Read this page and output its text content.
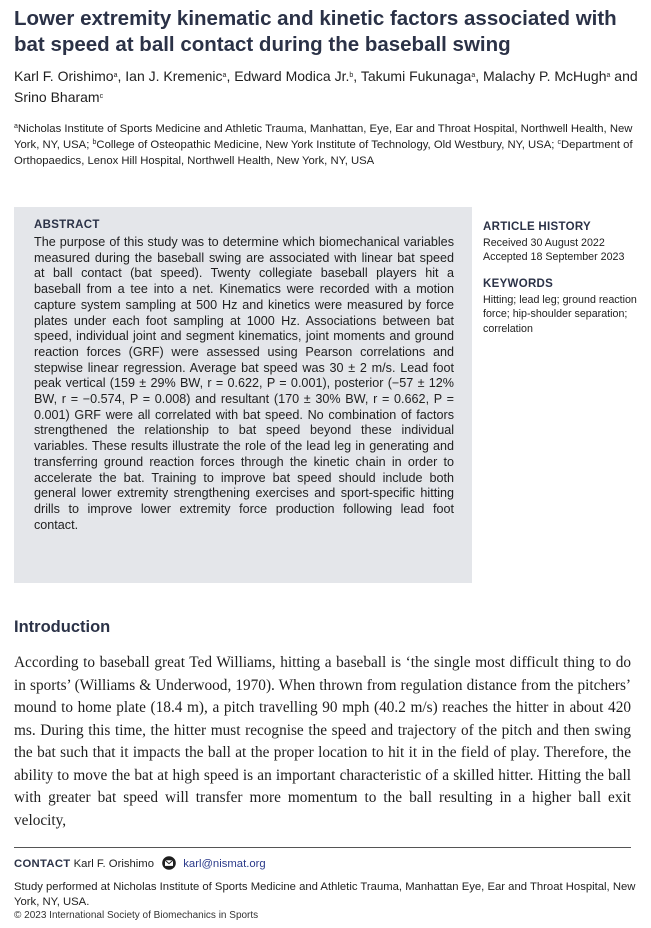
Lower extremity kinematic and kinetic factors associated with bat speed at ball contact during the baseball swing
Karl F. Orishimo$^a$, Ian J. Kremenic$^a$, Edward Modica Jr.$^b$, Takumi Fukunaga$^a$, Malachy P. McHugh$^a$ and Srino Bharam$^c$
$^a$Nicholas Institute of Sports Medicine and Athletic Trauma, Manhattan, Eye, Ear and Throat Hospital, Northwell Health, New York, NY, USA; $^b$College of Osteopathic Medicine, New York Institute of Technology, Old Westbury, NY, USA; $^c$Department of Orthopaedics, Lenox Hill Hospital, Northwell Health, New York, NY, USA
ABSTRACT
The purpose of this study was to determine which biomechanical variables measured during the baseball swing are associated with linear bat speed at ball contact (bat speed). Twenty collegiate baseball players hit a baseball from a tee into a net. Kinematics were recorded with a motion capture system sampling at 500 Hz and kinetics were measured by force plates under each foot sampling at 1000 Hz. Associations between bat speed, individual joint and segment kinematics, joint moments and ground reaction forces (GRF) were assessed using Pearson correlations and stepwise linear regression. Average bat speed was 30 ± 2 m/s. Lead foot peak vertical (159 ± 29% BW, r = 0.622, P = 0.001), posterior (−57 ± 12% BW, r = −0.574, P = 0.008) and resultant (170 ± 30% BW, r = 0.662, P = 0.001) GRF were all correlated with bat speed. No combination of factors strengthened the relationship to bat speed beyond these individual variables. These results illustrate the role of the lead leg in generating and transferring ground reaction forces through the kinetic chain in order to accelerate the bat. Training to improve bat speed should include both general lower extremity strengthening exercises and sport-specific hitting drills to improve lower extremity force production following lead foot contact.
ARTICLE HISTORY
Received 30 August 2022
Accepted 18 September 2023
KEYWORDS
Hitting; lead leg; ground reaction force; hip-shoulder separation; correlation
Introduction
According to baseball great Ted Williams, hitting a baseball is ‘the single most difficult thing to do in sports’ (Williams & Underwood, 1970). When thrown from regulation distance from the pitchers’ mound to home plate (18.4 m), a pitch travelling 90 mph (40.2 m/s) reaches the hitter in about 420 ms. During this time, the hitter must recognise the speed and trajectory of the pitch and then swing the bat such that it impacts the ball at the proper location to hit it in the field of play. Therefore, the ability to move the bat at high speed is an important characteristic of a skilled hitter. Hitting the ball with greater bat speed will transfer more momentum to the ball resulting in a higher ball exit velocity,
CONTACT Karl F. Orishimo	karl@nismat.org
Study performed at Nicholas Institute of Sports Medicine and Athletic Trauma, Manhattan Eye, Ear and Throat Hospital, New York, NY, USA.
© 2023 International Society of Biomechanics in Sports
